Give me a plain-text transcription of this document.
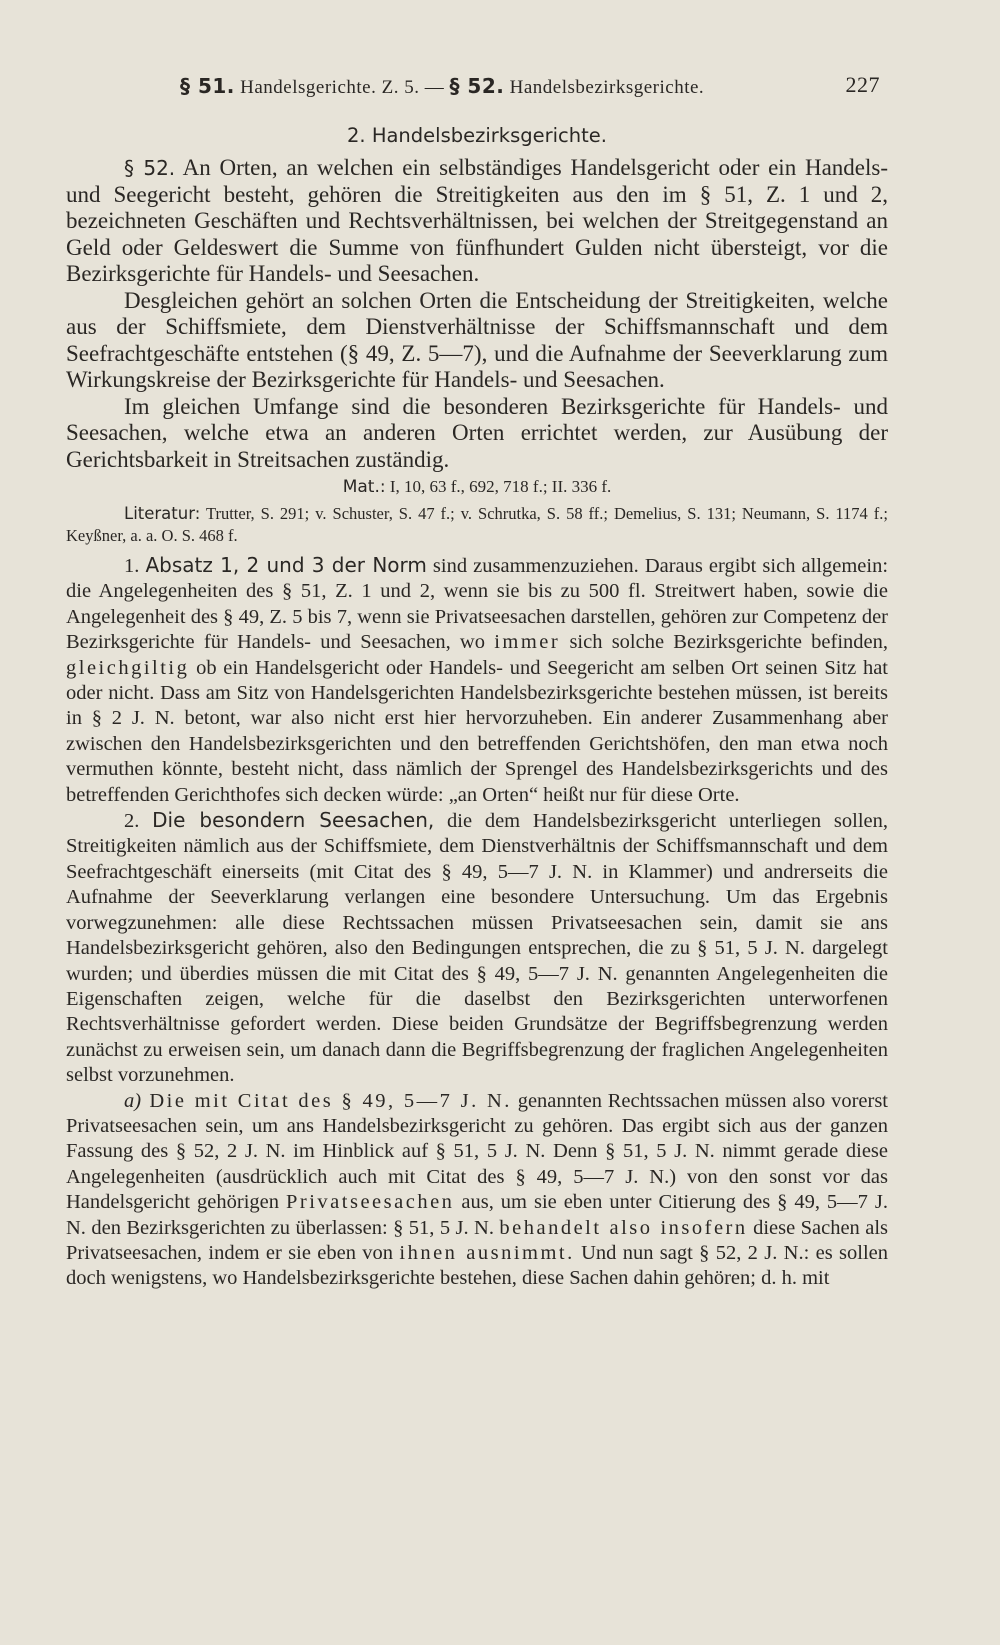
§ 51. Handelsgerichte. Z. 5. — § 52. Handelsbezirksgerichte.	227
2. Handelsbezirksgerichte.

§ 52. An Orten, an welchen ein selbständiges Handelsgericht oder ein Handels- und Seegericht besteht, gehören die Streitigkeiten aus den im § 51, Z. 1 und 2, bezeichneten Geschäften und Rechtsverhältnissen, bei welchen der Streitgegenstand an Geld oder Geldeswert die Summe von fünfhundert Gulden nicht übersteigt, vor die Bezirksgerichte für Handels- und Seesachen.

Desgleichen gehört an solchen Orten die Entscheidung der Streitigkeiten, welche aus der Schiffsmiete, dem Dienstverhältnisse der Schiffsmannschaft und dem Seefrachtgeschäfte entstehen (§ 49, Z. 5—7), und die Aufnahme der Seeverklarung zum Wirkungskreise der Bezirksgerichte für Handels- und Seesachen.

Im gleichen Umfange sind die besonderen Bezirksgerichte für Handels- und Seesachen, welche etwa an anderen Orten errichtet werden, zur Ausübung der Gerichtsbarkeit in Streitsachen zuständig.

Mat.: I, 10, 63 f., 692, 718 f.; II. 336 f.

Literatur: Trutter, S. 291; v. Schuster, S. 47 f.; v. Schrutka, S. 58 ff.; Demelius, S. 131; Neumann, S. 1174 f.; Keyßner, a. a. O. S. 468 f.

1. Absatz 1, 2 und 3 der Norm sind zusammenzuziehen. Daraus ergibt sich allgemein: die Angelegenheiten des § 51, Z. 1 und 2, wenn sie bis zu 500 fl. Streitwert haben, sowie die Angelegenheit des § 49, Z. 5 bis 7, wenn sie Privatseesachen darstellen, gehören zur Competenz der Bezirksgerichte für Handels- und Seesachen, wo immer sich solche Bezirksgerichte befinden, gleichgiltig ob ein Handelsgericht oder Handels- und Seegericht am selben Ort seinen Sitz hat oder nicht. Dass am Sitz von Handelsgerichten Handelsbezirksgerichte bestehen müssen, ist bereits in § 2 J. N. betont, war also nicht erst hier hervorzuheben. Ein anderer Zusammenhang aber zwischen den Handelsbezirksgerichten und den betreffenden Gerichtshöfen, den man etwa noch vermuthen könnte, besteht nicht, dass nämlich der Sprengel des Handelsbezirksgerichts und des betreffenden Gerichthofes sich decken würde: „an Orten“ heißt nur für diese Orte.

2. Die besondern Seesachen, die dem Handelsbezirksgericht unterliegen sollen, Streitigkeiten nämlich aus der Schiffsmiete, dem Dienstverhältnis der Schiffsmannschaft und dem Seefrachtgeschäft einerseits (mit Citat des § 49, 5—7 J. N. in Klammer) und andrerseits die Aufnahme der Seeverklarung verlangen eine besondere Untersuchung. Um das Ergebnis vorwegzunehmen: alle diese Rechtssachen müssen Privatseesachen sein, damit sie ans Handelsbezirksgericht gehören, also den Bedingungen entsprechen, die zu § 51, 5 J. N. dargelegt wurden; und überdies müssen die mit Citat des § 49, 5—7 J. N. genannten Angelegenheiten die Eigenschaften zeigen, welche für die daselbst den Bezirksgerichten unterworfenen Rechtsverhältnisse gefordert werden. Diese beiden Grundsätze der Begriffsbegrenzung werden zunächst zu erweisen sein, um danach dann die Begriffsbegrenzung der fraglichen Angelegenheiten selbst vorzunehmen.

a) Die mit Citat des § 49, 5—7 J. N. genannten Rechtssachen müssen also vorerst Privatseesachen sein, um ans Handelsbezirksgericht zu gehören. Das ergibt sich aus der ganzen Fassung des § 52, 2 J. N. im Hinblick auf § 51, 5 J. N. Denn § 51, 5 J. N. nimmt gerade diese Angelegenheiten (ausdrücklich auch mit Citat des § 49, 5—7 J. N.) von den sonst vor das Handelsgericht gehörigen Privatseesachen aus, um sie eben unter Citierung des § 49, 5—7 J. N. den Bezirksgerichten zu überlassen: § 51, 5 J. N. behandelt also insofern diese Sachen als Privatseesachen, indem er sie eben von ihnen ausnimmt. Und nun sagt § 52, 2 J. N.: es sollen doch wenigstens, wo Handelsbezirksgerichte bestehen, diese Sachen dahin gehören; d. h. mit
